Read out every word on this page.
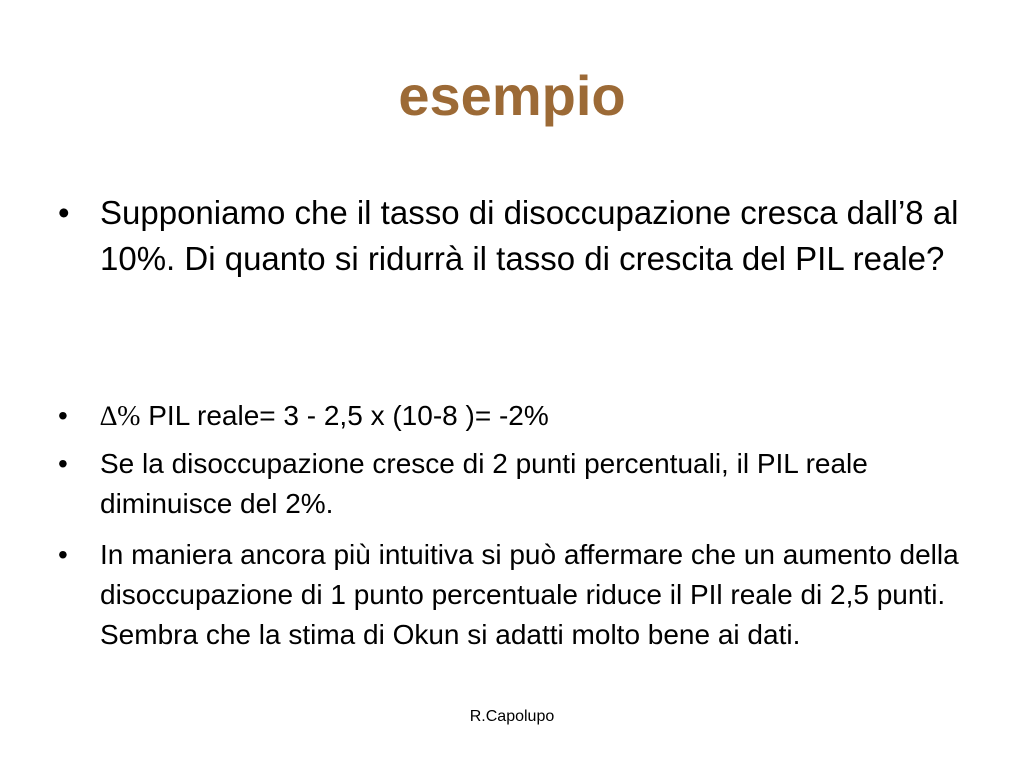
esempio
• Supponiamo che il tasso di disoccupazione cresca dall’8 al 10%. Di quanto si ridurrà il tasso di crescita del PIL reale?
•	∆% PIL reale= 3 - 2,5 x (10-8 )= -2%
•	Se la disoccupazione cresce di 2 punti percentuali, il PIL reale diminuisce del 2%.
•	In maniera ancora più intuitiva si può affermare che un aumento della disoccupazione di 1 punto percentuale riduce il PIl reale di 2,5 punti. Sembra che la stima di Okun si adatti molto bene ai dati.
R.Capolupo
